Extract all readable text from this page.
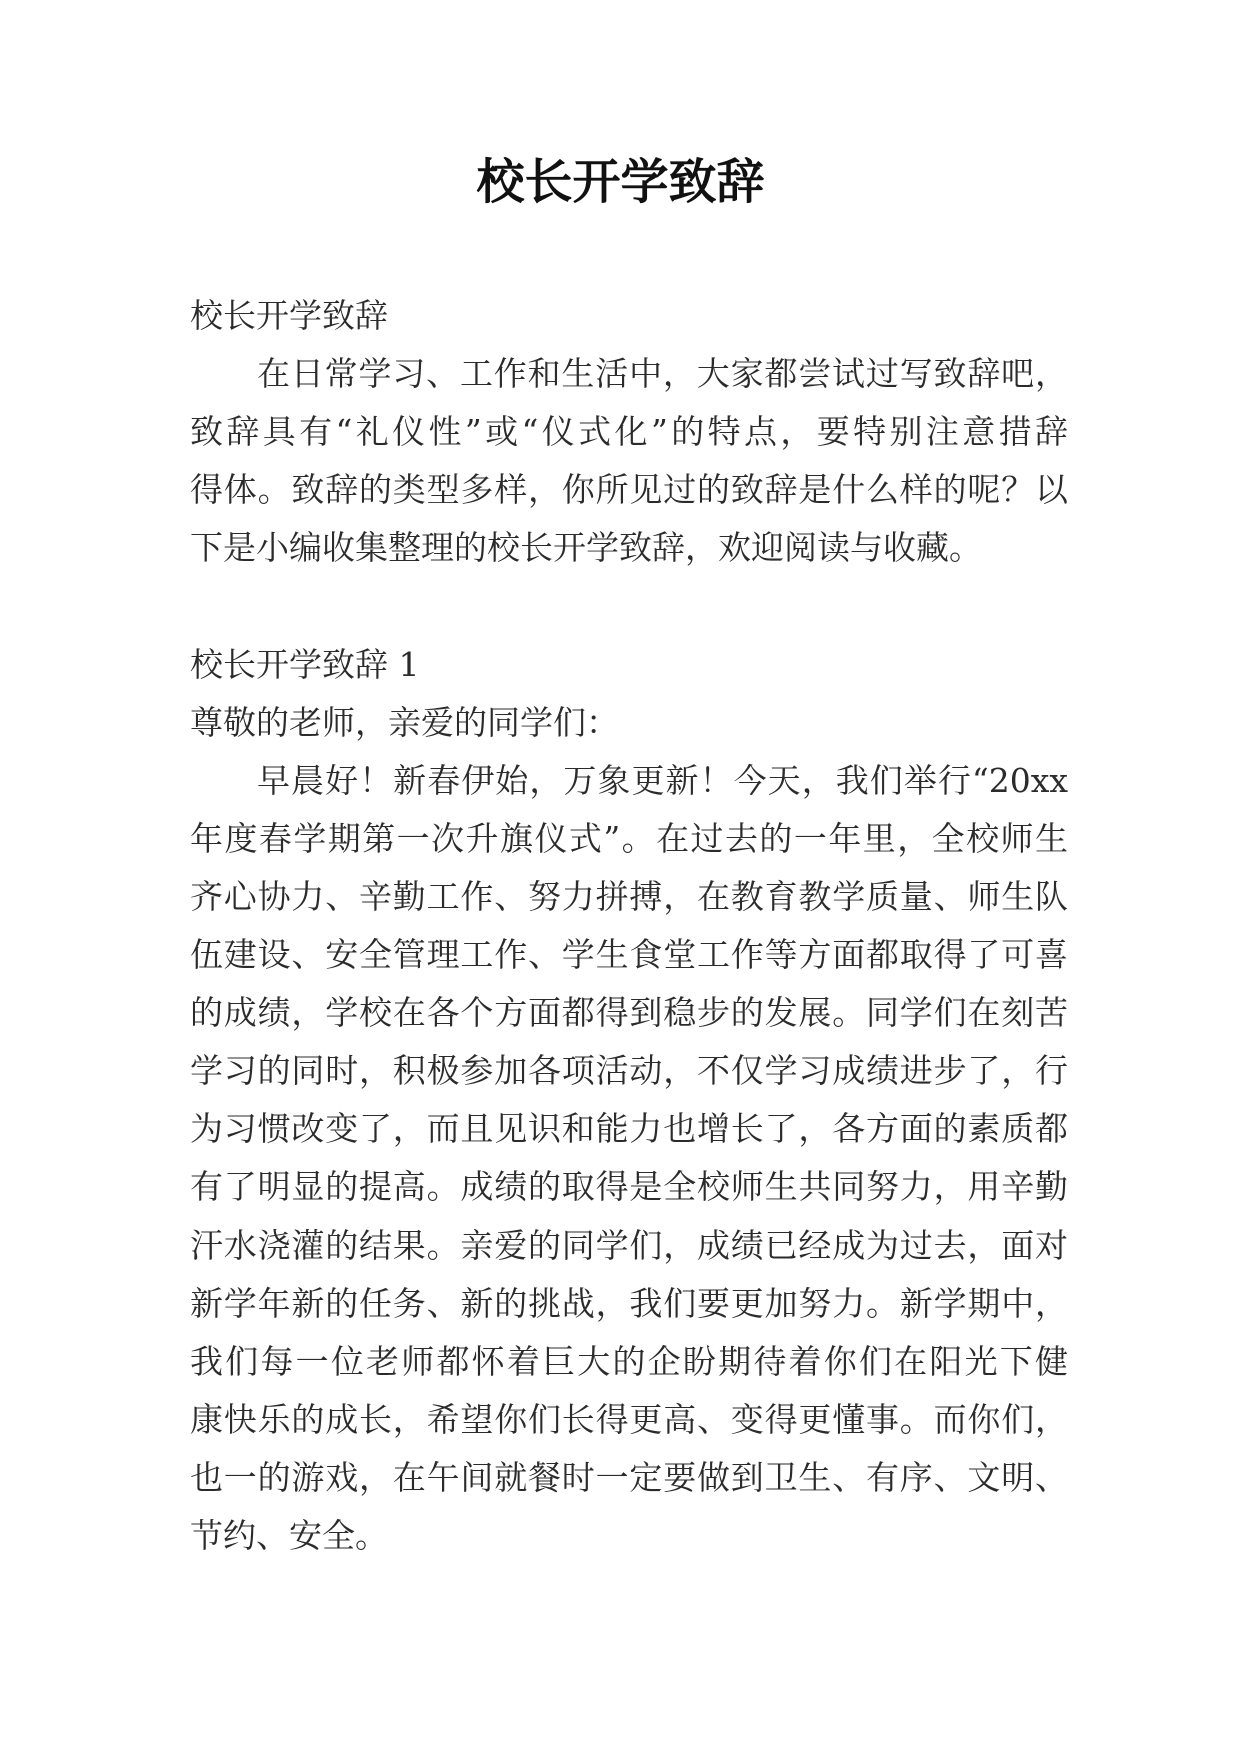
校长开学致辞
校长开学致辞
在日常学习、工作和生活中，大家都尝试过写致辞吧，
致辞具有“礼仪性”或“仪式化”的特点，要特别注意措辞
得体。致辞的类型多样，你所见过的致辞是什么样的呢？以
下是小编收集整理的校长开学致辞，欢迎阅读与收藏。
校长开学致辞 1
尊敬的老师，亲爱的同学们：
早晨好！新春伊始，万象更新！今天，我们举行“20xx
年度春学期第一次升旗仪式”。在过去的一年里，全校师生
齐心协力、辛勤工作、努力拼搏，在教育教学质量、师生队
伍建设、安全管理工作、学生食堂工作等方面都取得了可喜
的成绩，学校在各个方面都得到稳步的发展。同学们在刻苦
学习的同时，积极参加各项活动，不仅学习成绩进步了，行
为习惯改变了，而且见识和能力也增长了，各方面的素质都
有了明显的提高。成绩的取得是全校师生共同努力，用辛勤
汗水浇灌的结果。亲爱的同学们，成绩已经成为过去，面对
新学年新的任务、新的挑战，我们要更加努力。新学期中，
我们每一位老师都怀着巨大的企盼期待着你们在阳光下健
康快乐的成长，希望你们长得更高、变得更懂事。而你们，
也一的游戏，在午间就餐时一定要做到卫生、有序、文明、
节约、安全。
